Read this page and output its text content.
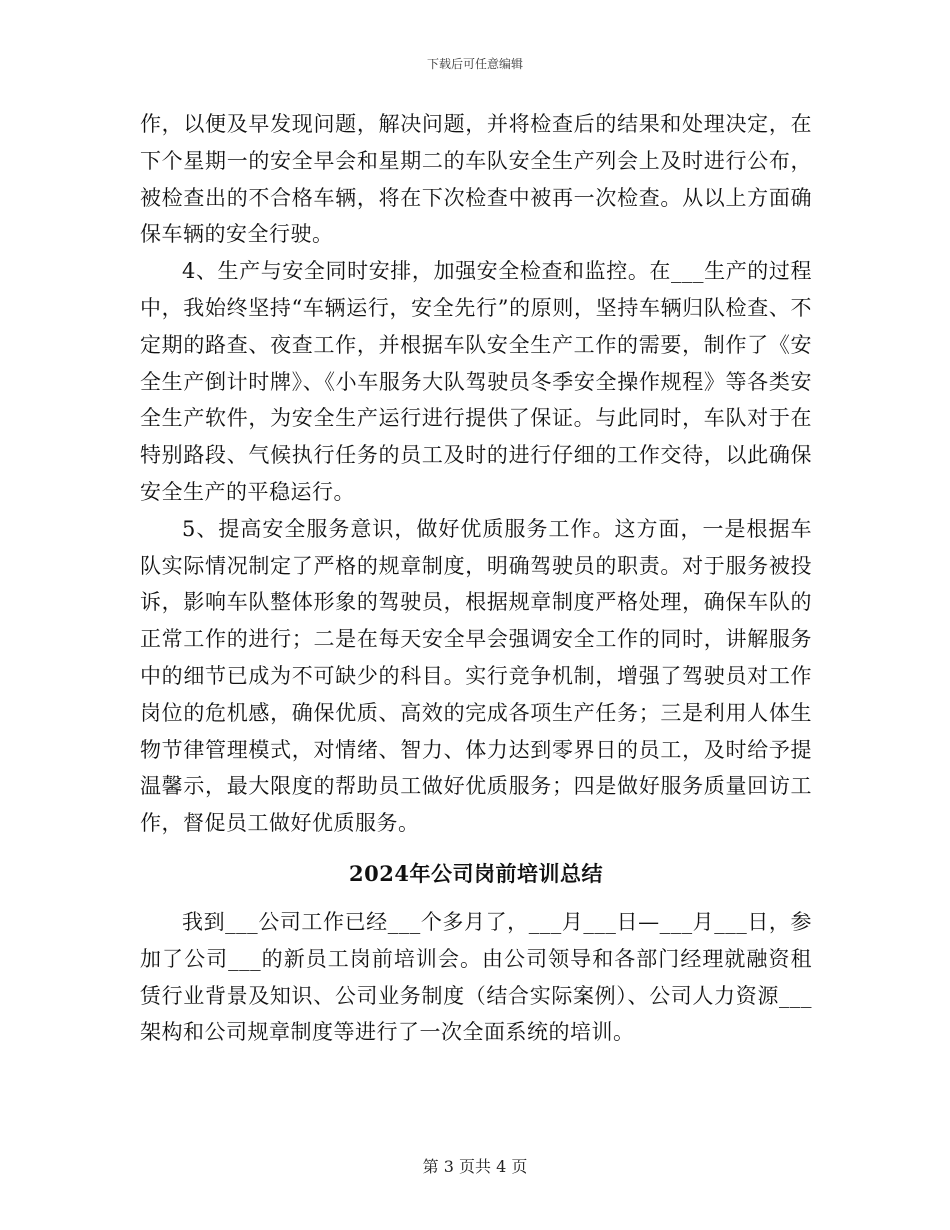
下载后可任意编辑

作，以便及早发现问题，解决问题，并将检查后的结果和处理决定，在下个星期一的安全早会和星期二的车队安全生产列会上及时进行公布，被检查出的不合格车辆，将在下次检查中被再一次检查。从以上方面确保车辆的安全行驶。

4、生产与安全同时安排，加强安全检查和监控。在___生产的过程中，我始终坚持“车辆运行，安全先行”的原则，坚持车辆归队检查、不定期的路查、夜查工作，并根据车队安全生产工作的需要，制作了《安全生产倒计时牌》、《小车服务大队驾驶员冬季安全操作规程》等各类安全生产软件，为安全生产运行进行提供了保证。与此同时，车队对于在特别路段、气候执行任务的员工及时的进行仔细的工作交待，以此确保安全生产的平稳运行。

5、提高安全服务意识，做好优质服务工作。这方面，一是根据车队实际情况制定了严格的规章制度，明确驾驶员的职责。对于服务被投诉，影响车队整体形象的驾驶员，根据规章制度严格处理，确保车队的正常工作的进行；二是在每天安全早会强调安全工作的同时，讲解服务中的细节已成为不可缺少的科目。实行竞争机制，增强了驾驶员对工作岗位的危机感，确保优质、高效的完成各项生产任务；三是利用人体生物节律管理模式，对情绪、智力、体力达到零界日的员工，及时给予提温馨示，最大限度的帮助员工做好优质服务；四是做好服务质量回访工作，督促员工做好优质服务。

2024年公司岗前培训总结

我到___公司工作已经___个多月了，___月___日—___月___日，参加了公司___的新员工岗前培训会。由公司领导和各部门经理就融资租赁行业背景及知识、公司业务制度（结合实际案例）、公司人力资源___架构和公司规章制度等进行了一次全面系统的培训。

第 3 页共 4 页
